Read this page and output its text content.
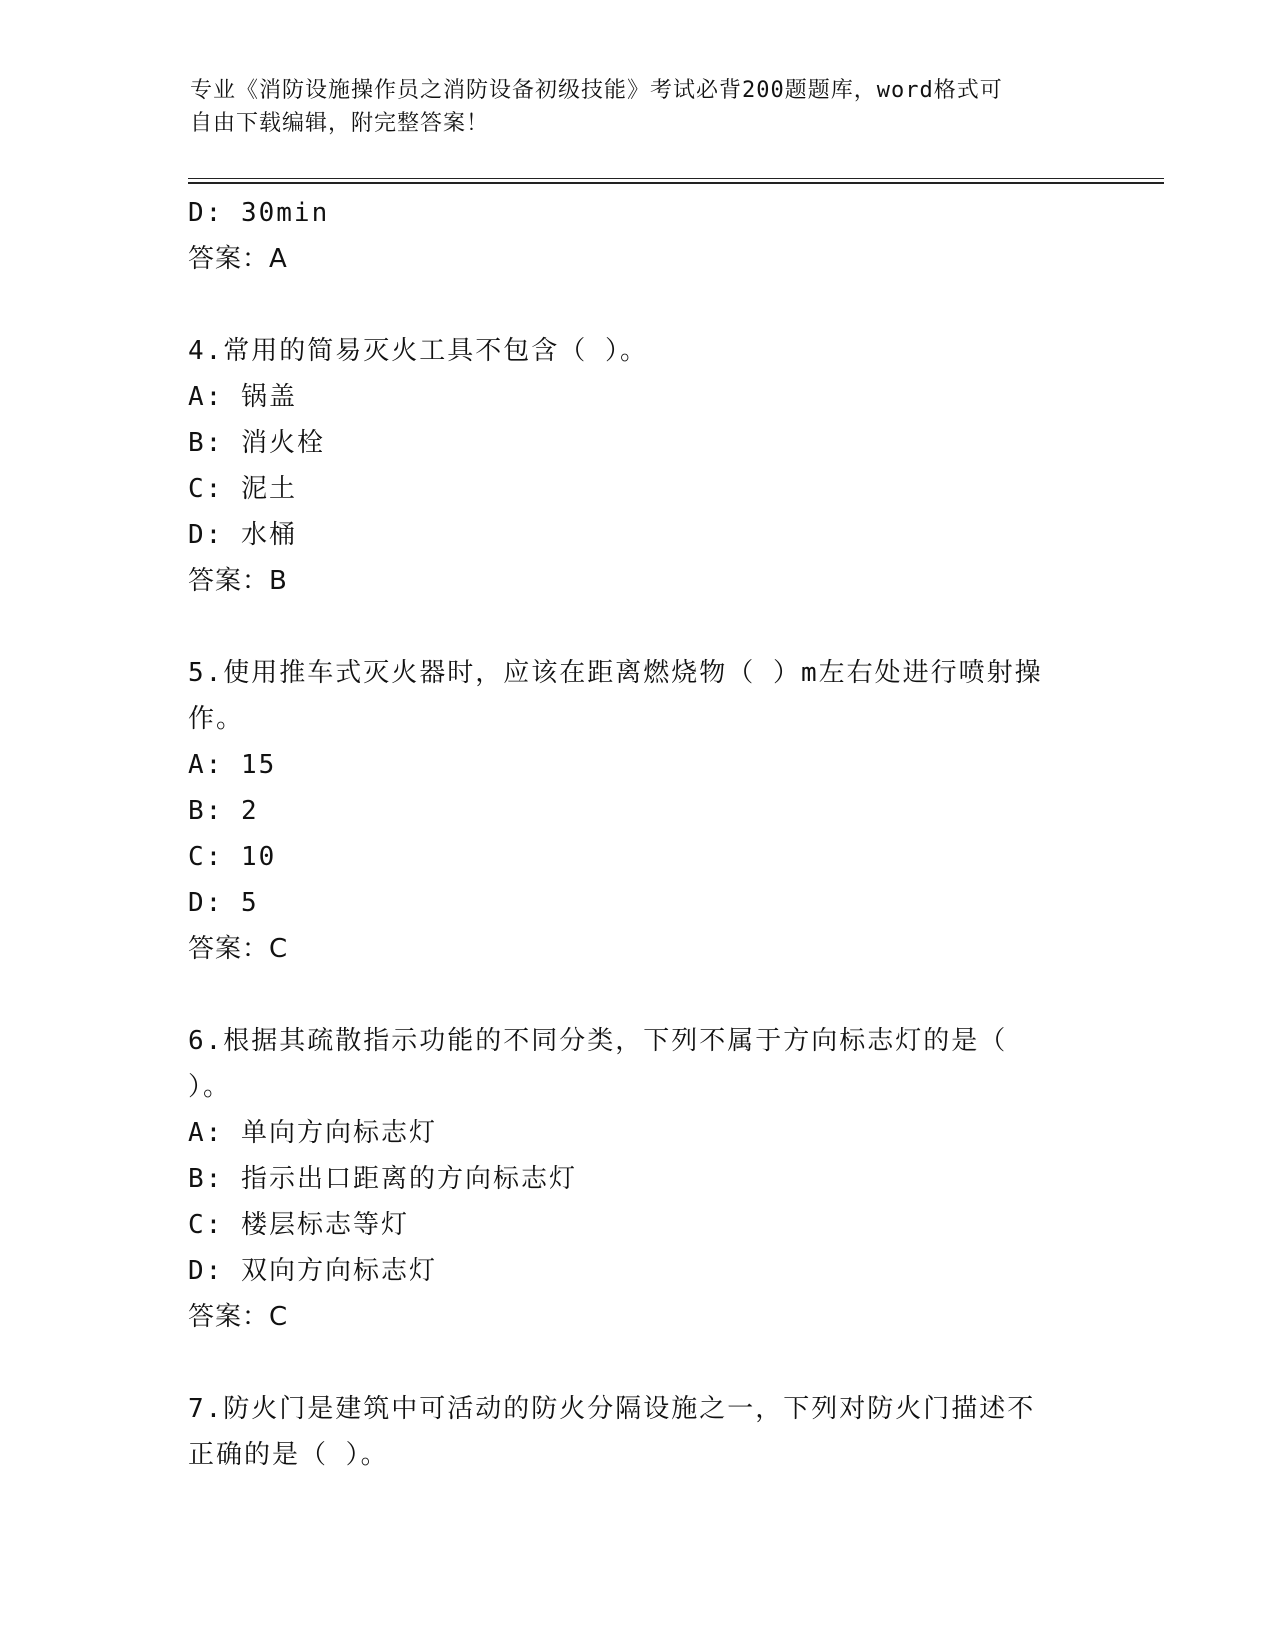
专业《消防设施操作员之消防设备初级技能》考试必背200题题库，word格式可
自由下载编辑，附完整答案！
D: 30min
答案：A
4.常用的简易灭火工具不包含（ ）。
A: 锅盖
B: 消火栓
C: 泥土
D: 水桶
答案：B
5.使用推车式灭火器时，应该在距离燃烧物（ ）m左右处进行喷射操
作。
A: 15
B: 2
C: 10
D: 5
答案：C
6.根据其疏散指示功能的不同分类，下列不属于方向标志灯的是（
）。
A: 单向方向标志灯
B: 指示出口距离的方向标志灯
C: 楼层标志等灯
D: 双向方向标志灯
答案：C
7.防火门是建筑中可活动的防火分隔设施之一，下列对防火门描述不
正确的是（ ）。
